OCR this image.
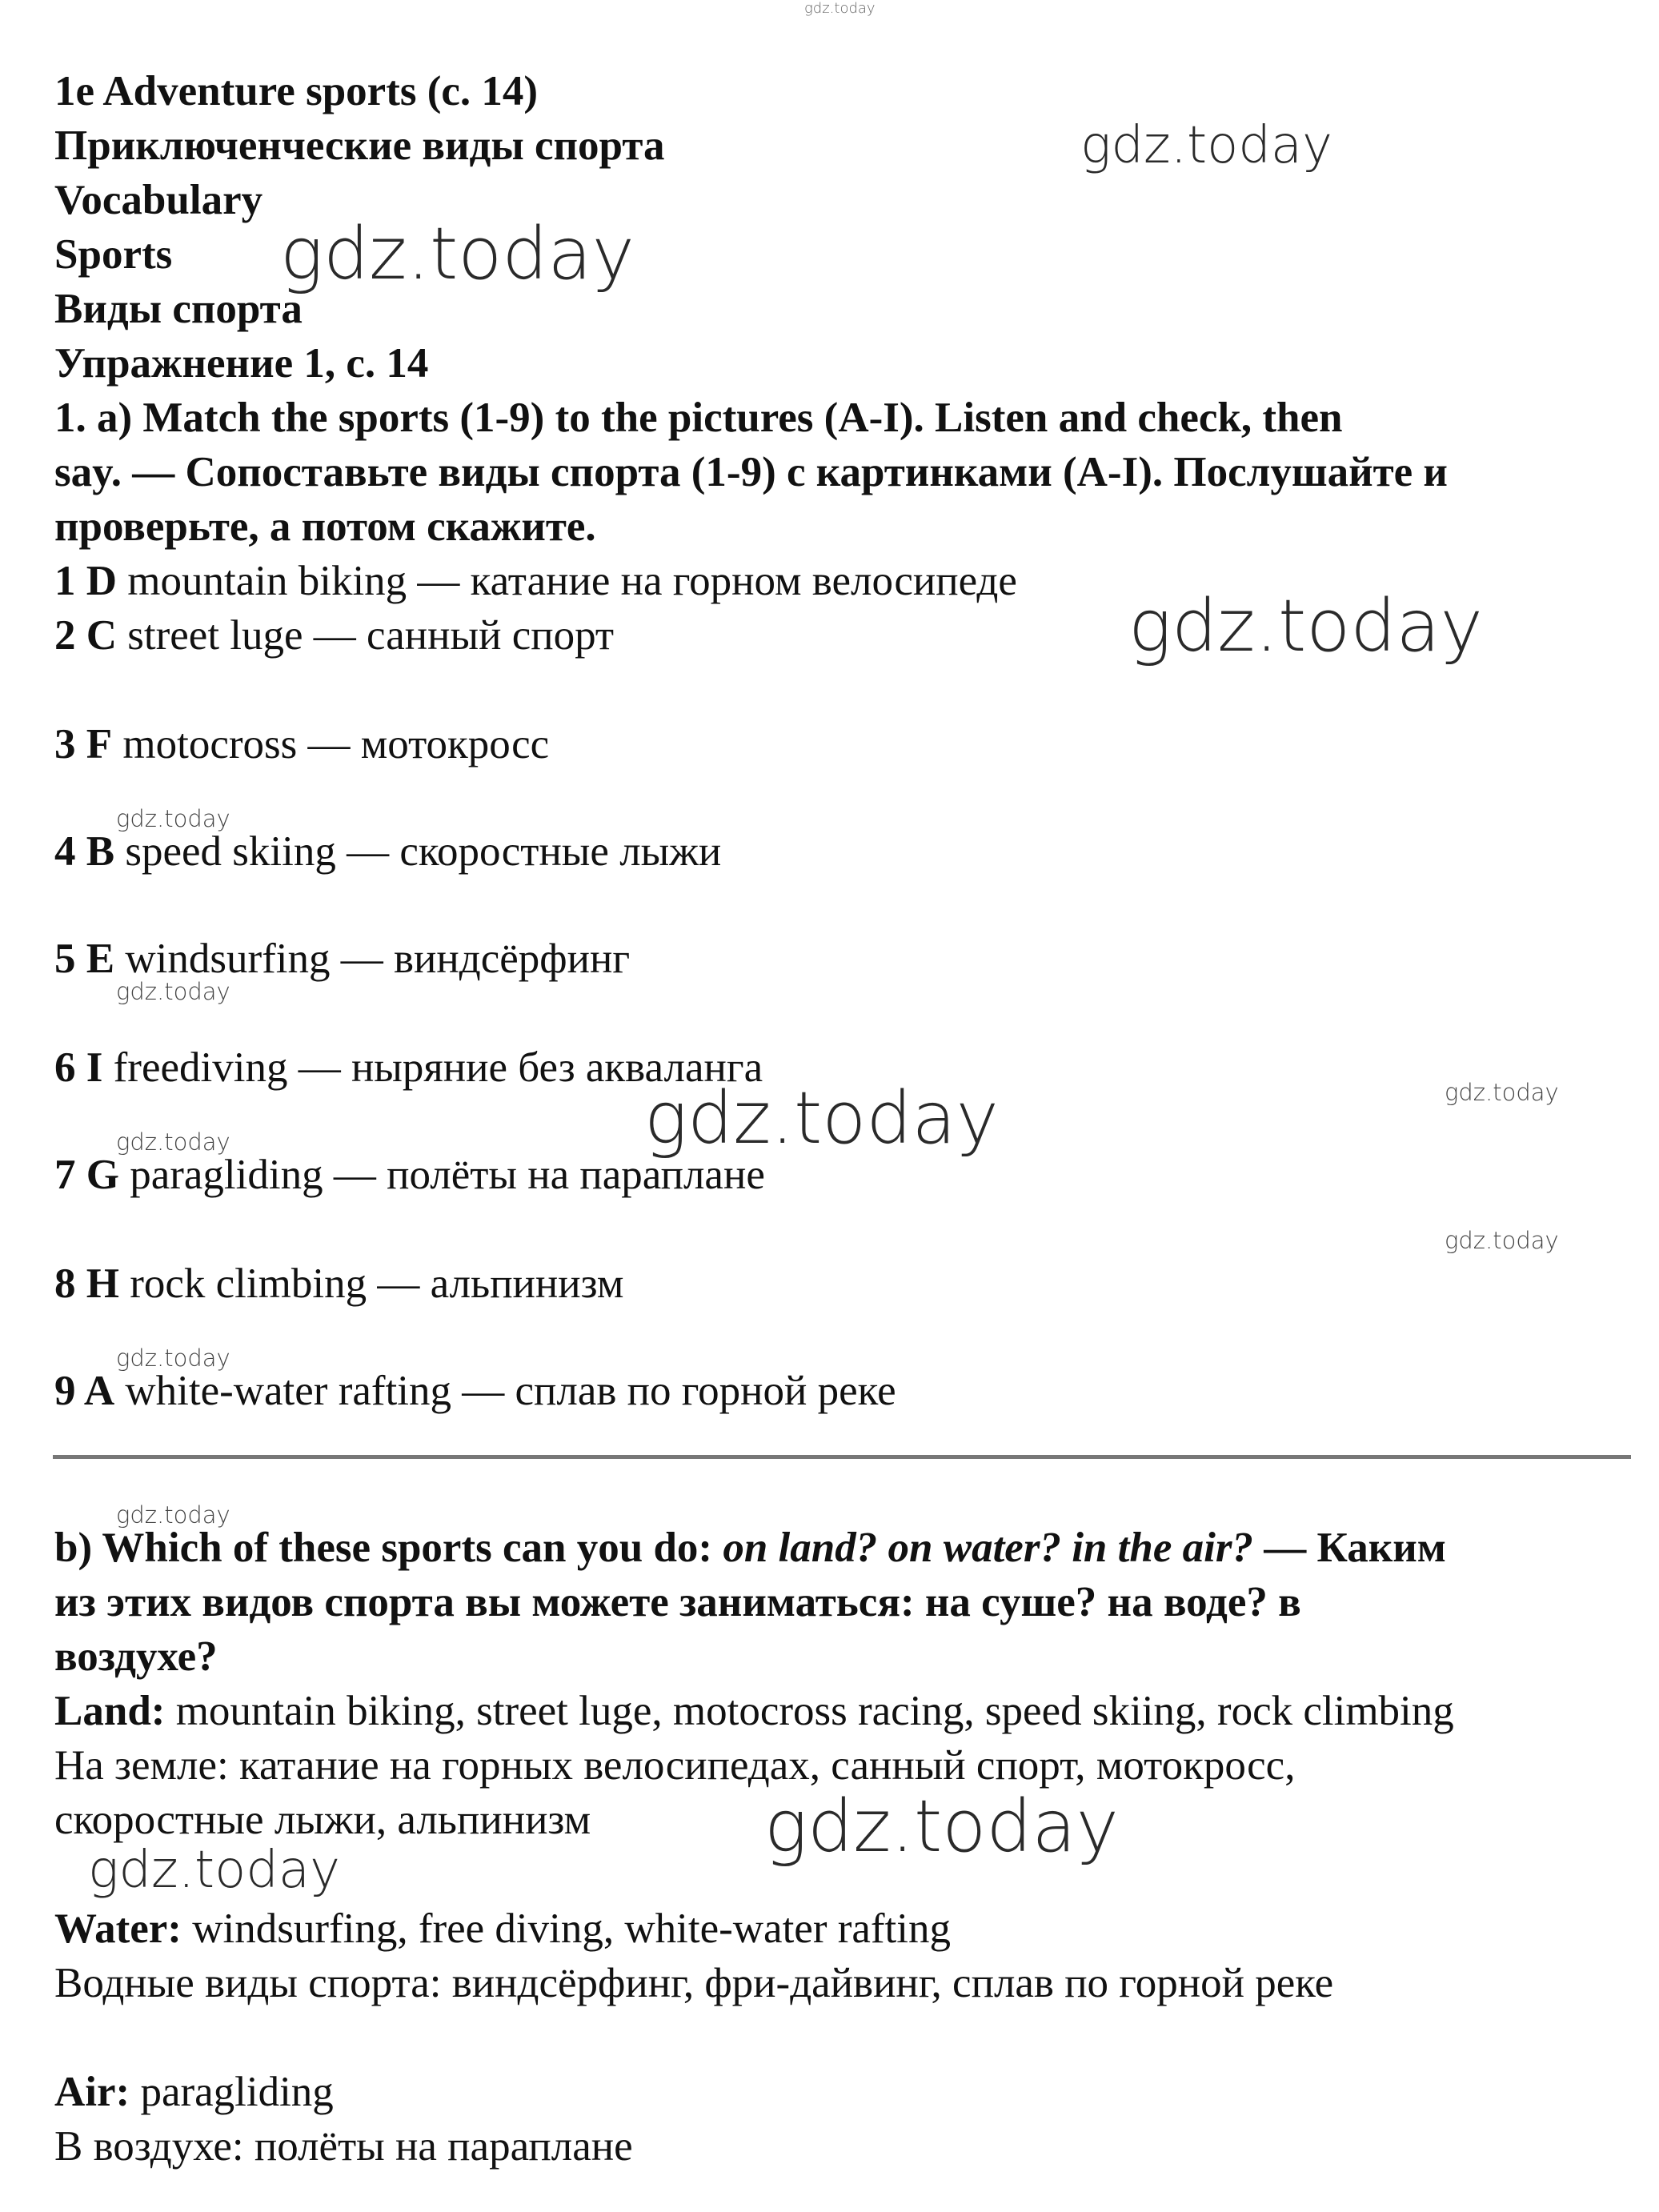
gdz.today
gdz.today
gdz.today
gdz.today
gdz.today
gdz.today
gdz.today	gdz.today
gdz.today
gdz.today
gdz.today
gdz.today
gdz.today
gdz.today
1e Adventure sports (c. 14)
Приключенческие виды спорта
Vocabulary
Sports
Виды спорта
Упражнение 1, с. 14
1. a) Match the sports (1-9) to the pictures (A-I). Listen and check, then
say. — Сопоставьте виды спорта (1-9) с картинками (A-I). Послушайте и
проверьте, а потом скажите.
1 D mountain biking — катание на горном велосипеде
2 C street luge — санный спорт
3 F motocross — мотокросс
4 B speed skiing — скоростные лыжи
5 E windsurfing — виндсёрфинг
6 I freediving — ныряние без акваланга
7 G paragliding — полёты на параплане
8 H rock climbing — альпинизм
9 A white-water rafting — сплав по горной реке
b) Which of these sports can you do: on land? on water? in the air? — Каким
из этих видов спорта вы можете заниматься: на суше? на воде? в
воздухе?
Land: mountain biking, street luge, motocross racing, speed skiing, rock climbing
На земле: катание на горных велосипедах, санный спорт, мотокросс,
скоростные лыжи, альпинизм
Water: windsurfing, free diving, white-water rafting
Водные виды спорта: виндсёрфинг, фри-дайвинг, сплав по горной реке
Air: paragliding
В воздухе: полёты на параплане
